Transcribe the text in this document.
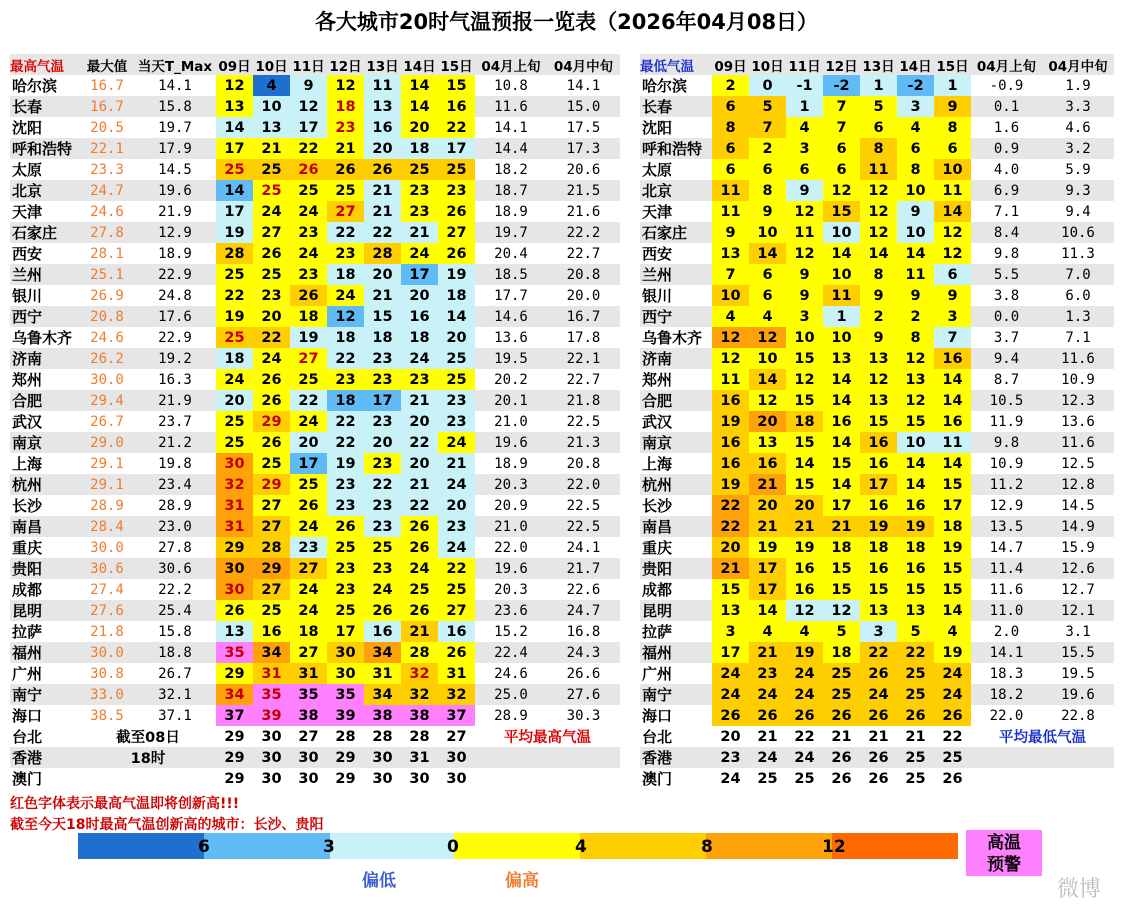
各大城市20时气温预报一览表（2026年04月08日）
最高气温	最大值	当天T_Max	09日	10日	11日	12日	13日	14日	15日	04月上旬	04月中旬
哈尔滨	16.7	14.1	12	4	9	12	11	14	15	10.8	14.1
长春	16.7	15.8	13	10	12	18	13	14	16	11.6	15.0
沈阳	20.5	19.7	14	13	17	23	16	20	22	14.1	17.5
呼和浩特	22.1	17.9	17	21	22	21	20	18	17	14.4	17.3
太原	23.3	14.5	25	25	26	26	26	25	25	18.2	20.6
北京	24.7	19.6	14	25	25	25	21	23	23	18.7	21.5
天津	24.6	21.9	17	24	24	27	21	23	26	18.9	21.6
石家庄	27.8	12.9	19	27	23	22	22	21	27	19.7	22.2
西安	28.1	18.9	28	26	24	23	28	24	26	20.4	22.7
兰州	25.1	22.9	25	25	23	18	20	17	19	18.5	20.8
银川	26.9	24.8	22	23	26	24	21	20	18	17.7	20.0
西宁	20.8	17.6	19	20	18	12	15	16	14	14.6	16.7
乌鲁木齐	24.6	22.9	25	22	19	18	18	18	20	13.6	17.8
济南	26.2	19.2	18	24	27	22	23	24	25	19.5	22.1
郑州	30.0	16.3	24	26	25	23	23	23	25	20.2	22.7
合肥	29.4	21.9	20	26	22	18	17	21	23	20.1	21.8
武汉	26.7	23.7	25	29	24	22	23	20	23	21.0	22.5
南京	29.0	21.2	25	26	20	22	20	22	24	19.6	21.3
上海	29.1	19.8	30	25	17	19	23	20	21	18.9	20.8
杭州	29.1	23.4	32	29	25	23	22	21	24	20.3	22.0
长沙	28.9	28.9	31	27	26	23	23	22	20	20.9	22.5
南昌	28.4	23.0	31	27	24	26	23	26	23	21.0	22.5
重庆	30.0	27.8	29	28	23	25	25	26	24	22.0	24.1
贵阳	30.6	30.6	30	29	27	23	23	24	22	19.6	21.7
成都	27.4	22.2	30	27	24	23	24	25	25	20.3	22.6
昆明	27.6	25.4	26	25	24	25	26	26	27	23.6	24.7
拉萨	21.8	15.8	13	16	18	17	16	21	16	15.2	16.8
福州	30.0	18.8	35	34	27	30	34	28	26	22.4	24.3
广州	30.8	26.7	29	31	31	30	31	32	31	24.6	26.6
南宁	33.0	32.1	34	35	35	35	34	32	32	25.0	27.6
海口	38.5	37.1	37	39	38	39	38	38	37	28.9	30.3
台北	截至08日		29	30	27	28	28	28	27	平均最高气温	
香港	18时		29	30	30	29	30	31	30		
澳门			29	30	30	29	30	30	30		
最低气温	09日	10日	11日	12日	13日	14日	15日	04月上旬	04月中旬
哈尔滨	2	0	-1	-2	1	-2	1	-0.9	1.9
长春	6	5	1	7	5	3	9	0.1	3.3
沈阳	8	7	4	7	6	4	8	1.6	4.6
呼和浩特	6	2	3	6	8	6	6	0.9	3.2
太原	6	6	6	6	11	8	10	4.0	5.9
北京	11	8	9	12	12	10	11	6.9	9.3
天津	11	9	12	15	12	9	14	7.1	9.4
石家庄	9	10	11	10	12	10	12	8.4	10.6
西安	13	14	12	14	14	14	12	9.8	11.3
兰州	7	6	9	10	8	11	6	5.5	7.0
银川	10	6	9	11	9	9	9	3.8	6.0
西宁	4	4	3	1	2	2	3	0.0	1.3
乌鲁木齐	12	12	10	10	9	8	7	3.7	7.1
济南	12	10	15	13	13	12	16	9.4	11.6
郑州	11	14	12	14	12	13	14	8.7	10.9
合肥	16	12	15	14	13	12	14	10.5	12.3
武汉	19	20	18	16	15	15	16	11.9	13.6
南京	16	13	15	14	16	10	11	9.8	11.6
上海	16	16	14	15	16	14	14	10.9	12.5
杭州	19	21	15	14	17	14	15	11.2	12.8
长沙	22	20	20	17	16	16	17	12.9	14.5
南昌	22	21	21	21	19	19	18	13.5	14.9
重庆	20	19	19	18	18	18	19	14.7	15.9
贵阳	21	17	16	15	16	16	15	11.4	12.6
成都	15	17	16	15	15	15	15	11.6	12.7
昆明	13	14	12	12	13	13	14	11.0	12.1
拉萨	3	4	4	5	3	5	4	2.0	3.1
福州	17	21	19	18	22	22	19	14.1	15.5
广州	24	23	24	25	26	25	24	18.3	19.5
南宁	24	24	24	25	24	25	24	18.2	19.6
海口	26	26	26	26	26	26	26	22.0	22.8
台北	20	21	22	21	21	21	22	平均最低气温	
香港	23	24	24	26	26	25	25		
澳门	24	25	25	26	26	25	26		
红色字体表示最高气温即将创新高!!!
截至今天18时最高气温创新高的城市：长沙、贵阳
6	3	0	4	8	12	高温预警
偏低	偏高	微博
